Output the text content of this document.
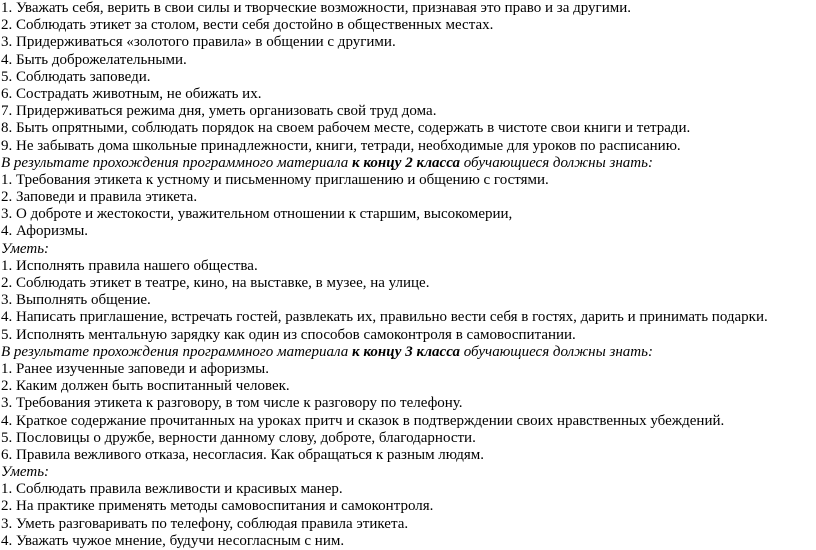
1. Уважать себя, верить в свои силы и творческие возможности, признавая это право и за другими.
2. Соблюдать этикет за столом, вести себя достойно в общественных местах.
3. Придерживаться «золотого правила» в общении с другими.
4. Быть доброжелательными.
5. Соблюдать заповеди.
6. Сострадать животным, не обижать их.
7. Придерживаться режима дня, уметь организовать свой труд дома.
8. Быть опрятными, соблюдать порядок на своем рабочем месте, содержать в чистоте свои книги и тетради.
9. Не забывать дома школьные принадлежности, книги, тетради, необходимые для уроков по расписанию.
В результате прохождения программного материала к концу 2 класса обучающиеся должны знать:
1. Требования этикета к устному и письменному приглашению и общению с гостями.
2. Заповеди и правила этикета.
3. О доброте и жестокости, уважительном отношении к старшим, высокомерии,
4. Афоризмы.
Уметь:
1. Исполнять правила нашего общества.
2. Соблюдать этикет в театре, кино, на выставке, в музее, на улице.
3. Выполнять общение.
4. Написать приглашение, встречать гостей, развлекать их, правильно вести себя в гостях, дарить и принимать подарки.
5. Исполнять ментальную зарядку как один из способов самоконтроля в самовоспитании.
В результате прохождения программного материала к концу 3 класса обучающиеся должны знать:
1. Ранее изученные заповеди и афоризмы.
2. Каким должен быть воспитанный человек.
3. Требования этикета к разговору, в том числе к разговору по телефону.
4. Краткое содержание прочитанных на уроках притч и сказок в подтверждении своих нравственных убеждений.
5. Пословицы о дружбе, верности данному слову, доброте, благодарности.
6. Правила вежливого отказа, несогласия. Как обращаться к разным людям.
Уметь:
1. Соблюдать правила вежливости и красивых манер.
2. На практике применять методы самовоспитания и самоконтроля.
3. Уметь разговаривать по телефону, соблюдая правила этикета.
4. Уважать чужое мнение, будучи несогласным с ним.
